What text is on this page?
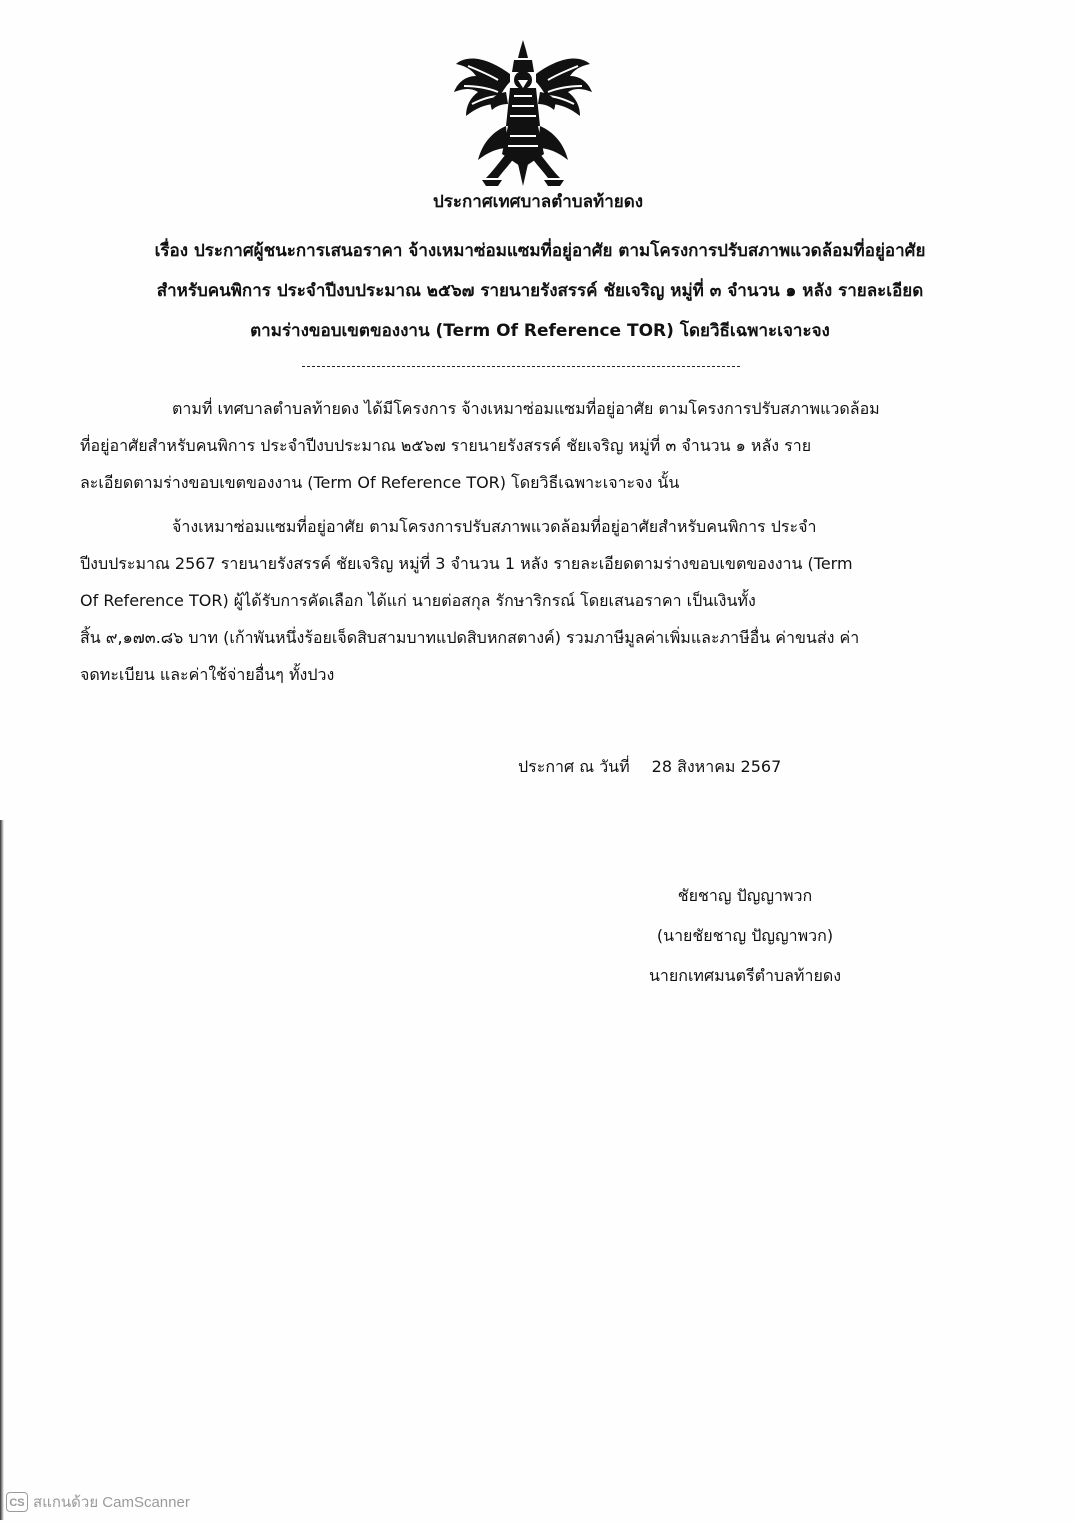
ประกาศเทศบาลตำบลท้ายดง
เรื่อง ประกาศผู้ชนะการเสนอราคา จ้างเหมาซ่อมแซมที่อยู่อาศัย ตามโครงการปรับสภาพแวดล้อมที่อยู่อาศัย
สำหรับคนพิการ ประจำปีงบประมาณ ๒๕๖๗ รายนายรังสรรค์ ชัยเจริญ หมู่ที่ ๓ จำนวน ๑ หลัง รายละเอียด
ตามร่างขอบเขตของงาน (Term Of Reference TOR) โดยวิธีเฉพาะเจาะจง
ตามที่ เทศบาลตำบลท้ายดง ได้มีโครงการ จ้างเหมาซ่อมแซมที่อยู่อาศัย ตามโครงการปรับสภาพแวดล้อม
ที่อยู่อาศัยสำหรับคนพิการ ประจำปีงบประมาณ ๒๕๖๗ รายนายรังสรรค์ ชัยเจริญ หมู่ที่ ๓ จำนวน ๑ หลัง ราย
ละเอียดตามร่างขอบเขตของงาน (Term Of Reference TOR) โดยวิธีเฉพาะเจาะจง นั้น
จ้างเหมาซ่อมแซมที่อยู่อาศัย ตามโครงการปรับสภาพแวดล้อมที่อยู่อาศัยสำหรับคนพิการ ประจำ
ปีงบประมาณ 2567 รายนายรังสรรค์ ชัยเจริญ หมู่ที่ 3 จำนวน 1 หลัง รายละเอียดตามร่างขอบเขตของงาน (Term
Of Reference TOR) ผู้ได้รับการคัดเลือก ได้แก่ นายต่อสกุล รักษาริกรณ์ โดยเสนอราคา เป็นเงินทั้ง
สิ้น ๙,๑๗๓.๘๖ บาท (เก้าพันหนึ่งร้อยเจ็ดสิบสามบาทแปดสิบหกสตางค์) รวมภาษีมูลค่าเพิ่มและภาษีอื่น ค่าขนส่ง ค่า
จดทะเบียน และค่าใช้จ่ายอื่นๆ ทั้งปวง
ประกาศ ณ วันที่ 28 สิงหาคม 2567
ชัยชาญ ปัญญาพวก
(นายชัยชาญ ปัญญาพวก)
นายกเทศมนตรีตำบลท้ายดง
CS สแกนด้วย CamScanner
